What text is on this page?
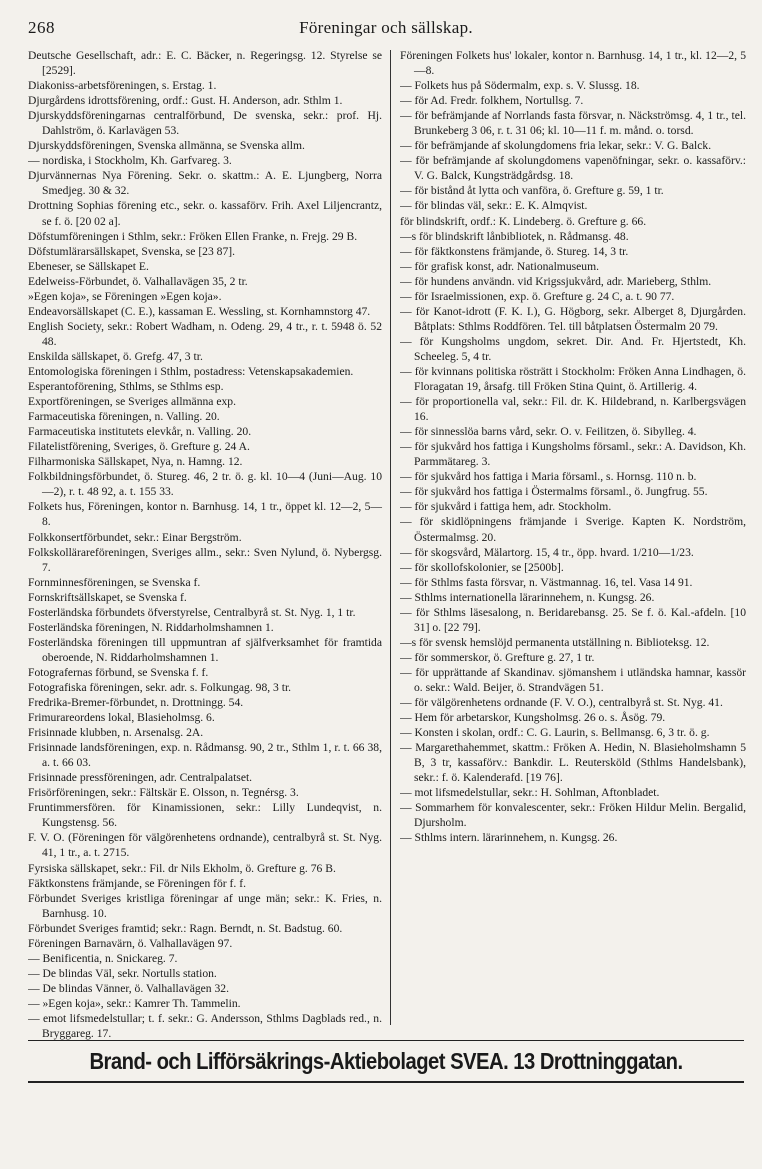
268	Föreningar och sällskap.

Deutsche Gesellschaft, adr.: E. C. Bäcker, n. Regeringsg. 12. Styrelse se [2529].

Diakoniss-arbetsföreningen, s. Erstag. 1.

Djurgårdens idrottsförening, ordf.: Gust. H. Anderson, adr. Sthlm 1.

Djurskyddsföreningarnas centralförbund, De svenska, sekr.: prof. Hj. Dahlström, ö. Karlavägen 53.

Djurskyddsföreningen, Svenska allmänna, se Svenska allm.

— nordiska, i Stockholm, Kh. Garfvareg. 3.

Djurvännernas Nya Förening. Sekr. o. skattm.: A. E. Ljungberg, Norra Smedjeg. 30 & 32.

Drottning Sophias förening etc., sekr. o. kassaförv. Frih. Axel Liljencrantz, se f. ö. [20 02 a].

Döfstumföreningen i Sthlm, sekr.: Fröken Ellen Franke, n. Frejg. 29 B.

Döfstumlärarsällskapet, Svenska, se [23 87].

Ebeneser, se Sällskapet E.

Edelweiss-Förbundet, ö. Valhallavägen 35, 2 tr.

»Egen koja», se Föreningen »Egen koja».

Endeavorsällskapet (C. E.), kassaman E. Wessling, st. Kornhamnstorg 47.

English Society, sekr.: Robert Wadham, n. Odeng. 29, 4 tr., r. t. 5948 ö. 52 48.

Enskilda sällskapet, ö. Grefg. 47, 3 tr.

Entomologiska föreningen i Sthlm, postadress: Vetenskapsakademien.

Esperantoförening, Sthlms, se Sthlms esp.

Exportföreningen, se Sveriges allmänna exp.

Farmaceutiska föreningen, n. Valling. 20.

Farmaceutiska institutets elevkår, n. Valling. 20.

Filatelistförening, Sveriges, ö. Grefture g. 24 A.

Filharmoniska Sällskapet, Nya, n. Hamng. 12.

Folkbildningsförbundet, ö. Stureg. 46, 2 tr. ö. g. kl. 10—4 (Juni—Aug. 10—2), r. t. 48 92, a. t. 155 33.

Folkets hus, Föreningen, kontor n. Barnhusg. 14, 1 tr., öppet kl. 12—2, 5—8.

Folkkonsertförbundet, sekr.: Einar Bergström.

Folkskollärareföreningen, Sveriges allm., sekr.: Sven Nylund, ö. Nybergsg. 7.

Fornminnesföreningen, se Svenska f.

Fornskriftsällskapet, se Svenska f.

Fosterländska förbundets öfverstyrelse, Centralbyrå st. St. Nyg. 1, 1 tr.

Fosterländska föreningen, N. Riddarholmshamnen 1.

Fosterländska föreningen till uppmuntran af själfverksamhet för framtida oberoende, N. Riddarholmshamnen 1.

Fotografernas förbund, se Svenska f. f.

Fotografiska föreningen, sekr. adr. s. Folkungag. 98, 3 tr.

Fredrika-Bremer-förbundet, n. Drottningg. 54.

Frimurareordens lokal, Blasieholmsg. 6.

Frisinnade klubben, n. Arsenalsg. 2A.

Frisinnade landsföreningen, exp. n. Rådmansg. 90, 2 tr., Sthlm 1, r. t. 66 38, a. t. 66 03.

Frisinnade pressföreningen, adr. Centralpalatset.

Frisörföreningen, sekr.: Fältskär E. Olsson, n. Tegnérsg. 3.

Fruntimmersfören. för Kinamissionen, sekr.: Lilly Lundeqvist, n. Kungstensg. 56.

F. V. O. (Föreningen för välgörenhetens ordnande), centralbyrå st. St. Nyg. 41, 1 tr., a. t. 2715.

Fyrsiska sällskapet, sekr.: Fil. dr Nils Ekholm, ö. Grefture g. 76 B.

Fäktkonstens främjande, se Föreningen för f. f.

Förbundet Sveriges kristliga föreningar af unge män; sekr.: K. Fries, n. Barnhusg. 10.

Förbundet Sveriges framtid; sekr.: Ragn. Berndt, n. St. Badstug. 60.

Föreningen Barnavärn, ö. Valhallavägen 97.

— Benificentia, n. Snickareg. 7.

— De blindas Väl, sekr. Nortulls station.

— De blindas Vänner, ö. Valhallavägen 32.

— »Egen koja», sekr.: Kamrer Th. Tammelin.

— emot lifsmedelstullar; t. f. sekr.: G. Andersson, Sthlms Dagblads red., n. Bryggareg. 17.

Föreningen Folkets hus' lokaler, kontor n. Barnhusg. 14, 1 tr., kl. 12—2, 5—8.

— Folkets hus på Södermalm, exp. s. V. Slussg. 18.

— för Ad. Fredr. folkhem, Nortullsg. 7.

— för befrämjande af Norrlands fasta försvar, n. Näckströmsg. 4, 1 tr., tel. Brunkeberg 3 06, r. t. 31 06; kl. 10—11 f. m. månd. o. torsd.

— för befrämjande af skolungdomens fria lekar, sekr.: V. G. Balck.

— för befrämjande af skolungdomens vapenöfningar, sekr. o. kassaförv.: V. G. Balck, Kungsträdgårdsg. 18.

— för bistånd åt lytta och vanföra, ö. Grefture g. 59, 1 tr.

— för blindas väl, sekr.: E. K. Almqvist.

för blindskrift, ordf.: K. Lindeberg. ö. Grefture g. 66.

—s för blindskrift lånbibliotek, n. Rådmansg. 48.

— för fäktkonstens främjande, ö. Stureg. 14, 3 tr.

— för grafisk konst, adr. Nationalmuseum.

— för hundens användn. vid Krigssjukvård, adr. Marieberg, Sthlm.

— för Israelmissionen, exp. ö. Grefture g. 24 C, a. t. 90 77.

— för Kanot-idrott (F. K. I.), G. Högborg, sekr. Alberget 8, Djurgården. Båtplats: Sthlms Roddfören. Tel. till båtplatsen Östermalm 20 79.

— för Kungsholms ungdom, sekret. Dir. And. Fr. Hjertstedt, Kh. Scheeleg. 5, 4 tr.

— för kvinnans politiska rösträtt i Stockholm: Fröken Anna Lindhagen, ö. Floragatan 19, årsafg. till Fröken Stina Quint, ö. Artillerig. 4.

— för proportionella val, sekr.: Fil. dr. K. Hildebrand, n. Karlbergsvägen 16.

— för sinnesslöa barns vård, sekr. O. v. Feilitzen, ö. Sibylleg. 4.

— för sjukvård hos fattiga i Kungsholms församl., sekr.: A. Davidson, Kh. Parmmätareg. 3.

— för sjukvård hos fattiga i Maria församl., s. Hornsg. 110 n. b.

— för sjukvård hos fattiga i Östermalms församl., ö. Jungfrug. 55.

— för sjukvård i fattiga hem, adr. Stockholm.

— för skidlöpningens främjande i Sverige. Kapten K. Nordström, Östermalmsg. 20.

— för skogsvård, Mälartorg. 15, 4 tr., öpp. hvard. 1/210—1/23.

— för skollofskolonier, se [2500b].

— för Sthlms fasta försvar, n. Västmannag. 16, tel. Vasa 14 91.

— Sthlms internationella lärarinnehem, n. Kungsg. 26.

— för Sthlms läsesalong, n. Beridarebansg. 25. Se f. ö. Kal.-afdeln. [10 31] o. [22 79].

—s för svensk hemslöjd permanenta utställning n. Biblioteksg. 12.

— för sommerskor, ö. Grefture g. 27, 1 tr.

— för upprättande af Skandinav. sjömanshem i utländska hamnar, kassör o. sekr.: Wald. Beijer, ö. Strandvägen 51.

— för välgörenhetens ordnande (F. V. O.), centralbyrå st. St. Nyg. 41.

— Hem för arbetarskor, Kungsholmsg. 26 o. s. Åsög. 79.

— Konsten i skolan, ordf.: C. G. Laurin, s. Bellmansg. 6, 3 tr. ö. g.

— Margarethahemmet, skattm.: Fröken A. Hedin, N. Blasieholmshamn 5 B, 3 tr, kassaförv.: Bankdir. L. Reutersköld (Sthlms Handelsbank), sekr.: f. ö. Kalenderafd. [19 76].

— mot lifsmedelstullar, sekr.: H. Sohlman, Aftonbladet.

— Sommarhem för konvalescenter, sekr.: Fröken Hildur Melin. Bergalid, Djursholm.

— Sthlms intern. lärarinnehem, n. Kungsg. 26.

Brand- och Lifförsäkrings-Aktiebolaget SVEA. 13 Drottninggatan.
